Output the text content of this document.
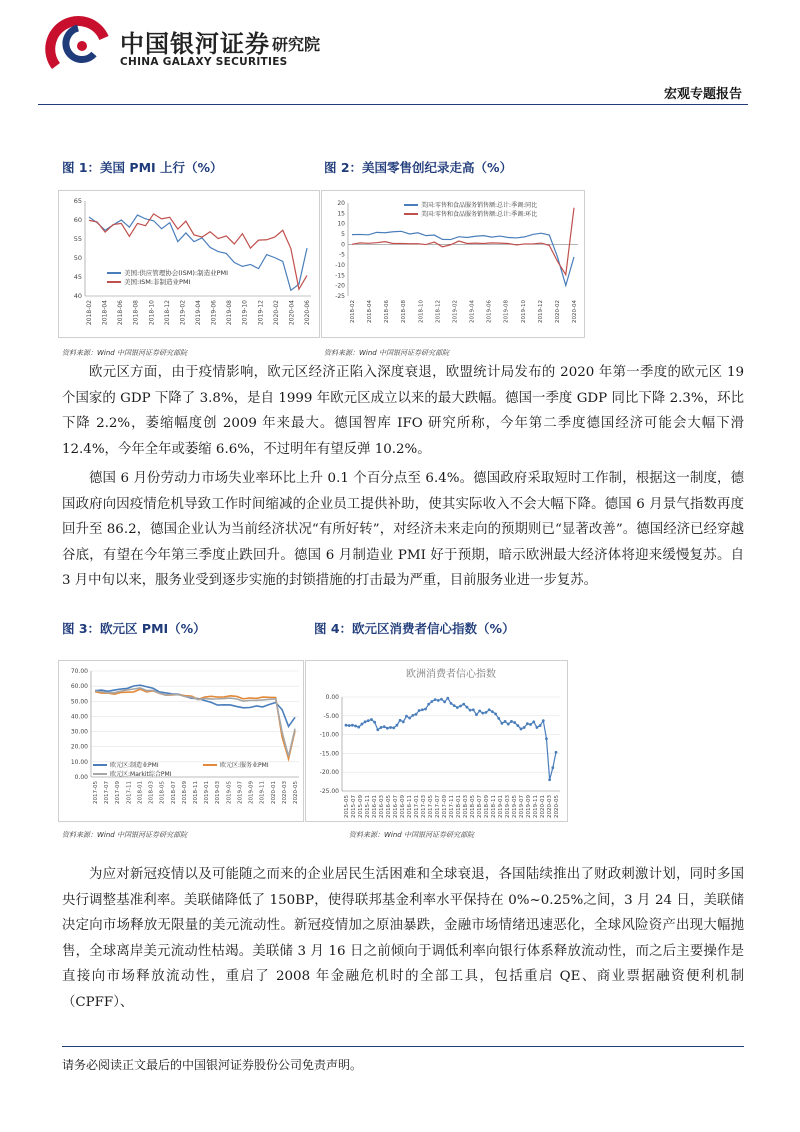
中国银河证券 研究院
CHINA GALAXY SECURITIES
宏观专题报告
图 1：美国 PMI 上行（%）	图 2：美国零售创纪录走高（%）
40
45
50
55
60
65
2018-02 2018-04 2018-06 2018-08 2018-10 2018-12 2019-02 2019-04 2019-06 2019-08 2019-10 2019-12 2020-02 2020-04 2020-06
美国:供应管理协会(ISM):制造业PMI
美国:ISM:非制造业PMI
-25
-20
-15
-10
-5
0
5
10
15
20
2018-02 2018-04 2018-06 2018-08 2018-10 2018-12 2019-02 2019-04 2019-06 2019-08 2019-10 2019-12 2020-02 2020-04
美国:零售和食品服务销售额:总计:季调:同比
美国:零售和食品服务销售额:总计:季调:环比
资料来源：Wind 中国银河证券研究部院	资料来源：Wind 中国银河证券研究部院
欧元区方面，由于疫情影响，欧元区经济正陷入深度衰退，欧盟统计局发布的 2020 年第一季度的欧元区 19 个国家的 GDP 下降了 3.8%，是自 1999 年欧元区成立以来的最大跌幅。德国一季度 GDP 同比下降 2.3%，环比下降 2.2%，萎缩幅度创 2009 年来最大。德国智库 IFO 研究所称，今年第二季度德国经济可能会大幅下滑 12.4%，今年全年或萎缩 6.6%，不过明年有望反弹 10.2%。
德国 6 月份劳动力市场失业率环比上升 0.1 个百分点至 6.4%。德国政府采取短时工作制，根据这一制度，德国政府向因疫情危机导致工作时间缩减的企业员工提供补助，使其实际收入不会大幅下降。德国 6 月景气指数再度回升至 86.2，德国企业认为当前经济状况“有所好转”，对经济未来走向的预期则已“显著改善”。德国经济已经穿越谷底，有望在今年第三季度止跌回升。德国 6 月制造业 PMI 好于预期，暗示欧洲最大经济体将迎来缓慢复苏。自 3 月中旬以来，服务业受到逐步实施的封锁措施的打击最为严重，目前服务业进一步复苏。
图 3：欧元区 PMI（%）	图 4：欧元区消费者信心指数（%）
0.00
10.00
20.00
30.00
40.00
50.00
60.00
70.00
2017-05 2017-07 2017-09 2017-11 2018-01 2018-03 2018-05 2018-07 2018-09 2018-11 2019-01 2019-03 2019-05 2019-07 2019-09 2019-11 2020-01 2020-03 2020-05
欧元区:制造业PMI	欧元区:服务业PMI
欧元区:Markit综合PMI
欧洲消费者信心指数
0.00
-5.00
-10.00
-15.00
-20.00
-25.00
2015-05 2015-07 2015-09 2015-11 2016-01 2016-03 2016-05 2016-07 2016-09 2016-11 2017-01 2017-03 2017-05 2017-07 2017-09 2017-11 2018-01 2018-03 2018-05 2018-07 2018-09 2018-11 2019-01 2019-03 2019-05 2019-07 2019-09 2019-11 2020-01 2020-03 2020-05
资料来源：Wind 中国银河证券研究部院	资料来源：Wind 中国银河证券研究部院
为应对新冠疫情以及可能随之而来的企业居民生活困难和全球衰退，各国陆续推出了财政刺激计划，同时多国央行调整基准利率。美联储降低了 150BP，使得联邦基金利率水平保持在 0%~0.25%之间，3 月 24 日，美联储决定向市场释放无限量的美元流动性。新冠疫情加之原油暴跌，金融市场情绪迅速恶化，全球风险资产出现大幅抛售，全球离岸美元流动性枯竭。美联储 3 月 16 日之前倾向于调低利率向银行体系释放流动性，而之后主要操作是直接向市场释放流动性，重启了 2008 年金融危机时的全部工具，包括重启 QE、商业票据融资便利机制（CPFF）、
请务必阅读正文最后的中国银河证券股份公司免责声明。
